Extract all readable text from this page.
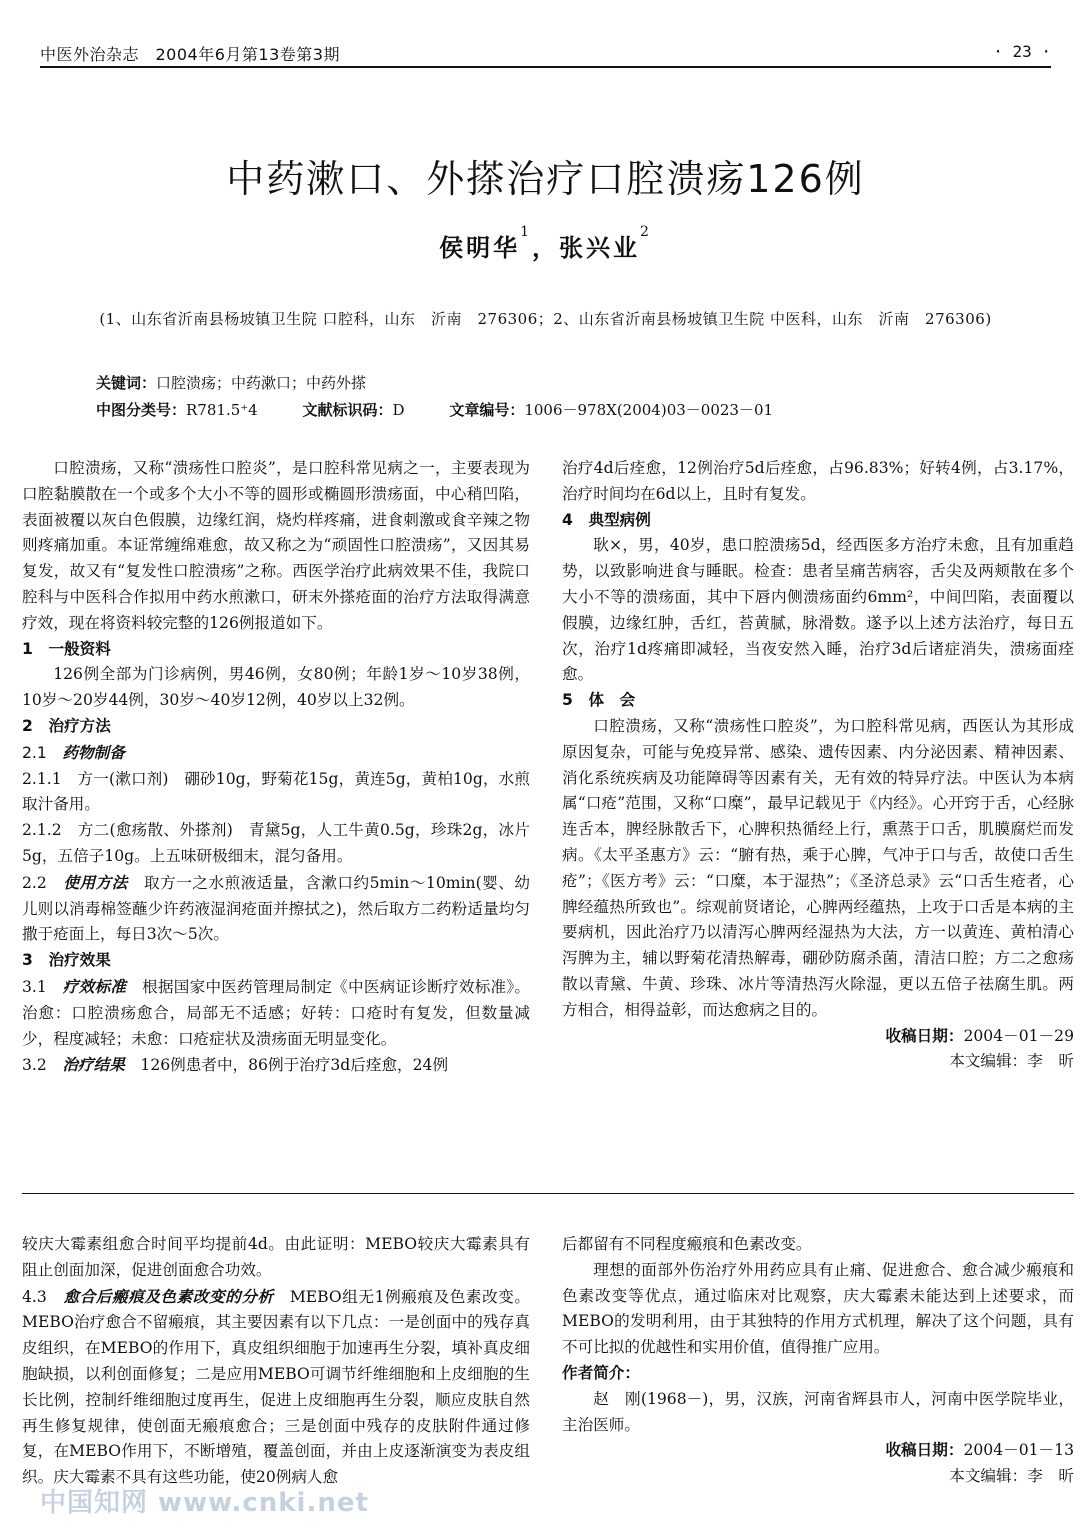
中医外治杂志　2004年6月第13卷第3期	· 23 ·
中药漱口、外搽治疗口腔溃疡126例
侯明华$^1$，张兴业$^2$
(1、山东省沂南县杨坡镇卫生院 口腔科，山东　沂南　276306；2、山东省沂南县杨坡镇卫生院 中医科，山东　沂南　276306)
关键词：口腔溃疡；中药漱口；中药外搽
中图分类号：R781.5⁺4	文献标识码：D	文章编号：1006－978X(2004)03－0023－01

口腔溃疡，又称“溃疡性口腔炎”，是口腔科常见病之一，主要表现为口腔黏膜散在一个或多个大小不等的圆形或椭圆形溃疡面，中心稍凹陷，表面被覆以灰白色假膜，边缘红润，烧灼样疼痛，进食刺激或食辛辣之物则疼痛加重。本证常缠绵难愈，故又称之为“顽固性口腔溃疡”，又因其易复发，故又有“复发性口腔溃疡”之称。西医学治疗此病效果不佳，我院口腔科与中医科合作拟用中药水煎漱口，研末外搽疮面的治疗方法取得满意疗效，现在将资料较完整的126例报道如下。

1　 一般资料

126例全部为门诊病例，男46例，女80例；年龄1岁～10岁38例，10岁～20岁44例，30岁～40岁12例，40岁以上32例。

2　 治疗方法
2.1　 药物制备
2.1.1　 方一(漱口剂)　硼砂10g，野菊花15g，黄连5g，黄柏10g，水煎取汁备用。
2.1.2　 方二(愈疡散、外搽剂)　青黛5g，人工牛黄0.5g，珍珠2g，冰片5g，五倍子10g。上五味研极细末，混匀备用。
2.2　 使用方法　 取方一之水煎液适量，含漱口约5min～10min(婴、幼儿则以消毒棉签蘸少许药液湿润疮面并擦拭之)，然后取方二药粉适量均匀撒于疮面上，每日3次～5次。
3　 治疗效果
3.1　 疗效标准　 根据国家中医药管理局制定《中医病证诊断疗效标准》。治愈：口腔溃疡愈合，局部无不适感；好转：口疮时有复发，但数量减少，程度减轻；未愈：口疮症状及溃疡面无明显变化。
3.2　 治疗结果　 126例患者中，86例于治疗3d后痊愈，24例
治疗4d后痊愈，12例治疗5d后痊愈，占96.83%；好转4例，占3.17%，治疗时间均在6d以上，且时有复发。
4　 典型病例

耿×，男，40岁，患口腔溃疡5d，经西医多方治疗未愈，且有加重趋势，以致影响进食与睡眠。检查：患者呈痛苦病容，舌尖及两颊散在多个大小不等的溃疡面，其中下唇内侧溃疡面约6mm²，中间凹陷，表面覆以假膜，边缘红肿，舌红，苔黄腻，脉滑数。遂予以上述方法治疗，每日五次，治疗1d疼痛即减轻，当夜安然入睡，治疗3d后诸症消失，溃疡面痊愈。

5　 体　会

口腔溃疡，又称“溃疡性口腔炎”，为口腔科常见病，西医认为其形成原因复杂，可能与免疫异常、感染、遗传因素、内分泌因素、精神因素、消化系统疾病及功能障碍等因素有关，无有效的特异疗法。中医认为本病属“口疮”范围，又称“口糜”，最早记载见于《内经》。心开窍于舌，心经脉连舌本，脾经脉散舌下，心脾积热循经上行，熏蒸于口舌，肌膜腐烂而发病。《太平圣惠方》云：“腑有热，乘于心脾，气冲于口与舌，故使口舌生疮”；《医方考》云：“口糜，本于湿热”；《圣济总录》云“口舌生疮者，心脾经蕴热所致也”。综观前贤诸论，心脾两经蕴热，上攻于口舌是本病的主要病机，因此治疗乃以清泻心脾两经湿热为大法，方一以黄连、黄柏清心泻脾为主，辅以野菊花清热解毒，硼砂防腐杀菌，清洁口腔；方二之愈疡散以青黛、牛黄、珍珠、冰片等清热泻火除湿，更以五倍子祛腐生肌。两方相合，相得益彰，而达愈病之目的。

收稿日期：2004－01－29
本文编辑：李　昕
较庆大霉素组愈合时间平均提前4d。由此证明：MEBO较庆大霉素具有阻止创面加深，促进创面愈合功效。
4.3　 愈合后瘢痕及色素改变的分析　 MEBO组无1例瘢痕及色素改变。MEBO治疗愈合不留瘢痕，其主要因素有以下几点：一是创面中的残存真皮组织，在MEBO的作用下，真皮组织细胞于加速再生分裂，填补真皮细胞缺损，以利创面修复；二是应用MEBO可调节纤维细胞和上皮细胞的生长比例，控制纤维细胞过度再生，促进上皮细胞再生分裂，顺应皮肤自然再生修复规律，使创面无瘢痕愈合；三是创面中残存的皮肤附件通过修复，在MEBO作用下，不断增殖，覆盖创面，并由上皮逐渐演变为表皮组织。庆大霉素不具有这些功能，使20例病人愈
后都留有不同程度瘢痕和色素改变。

理想的面部外伤治疗外用药应具有止痛、促进愈合、愈合减少瘢痕和色素改变等优点，通过临床对比观察，庆大霉素未能达到上述要求，而MEBO的发明利用，由于其独特的作用方式机理，解决了这个问题，具有不可比拟的优越性和实用价值，值得推广应用。

作者简介：

赵　刚(1968－)，男，汉族，河南省辉县市人，河南中医学院毕业，主治医师。

收稿日期：2004－01－13
本文编辑：李　昕
中国知网 www.cnki.net
